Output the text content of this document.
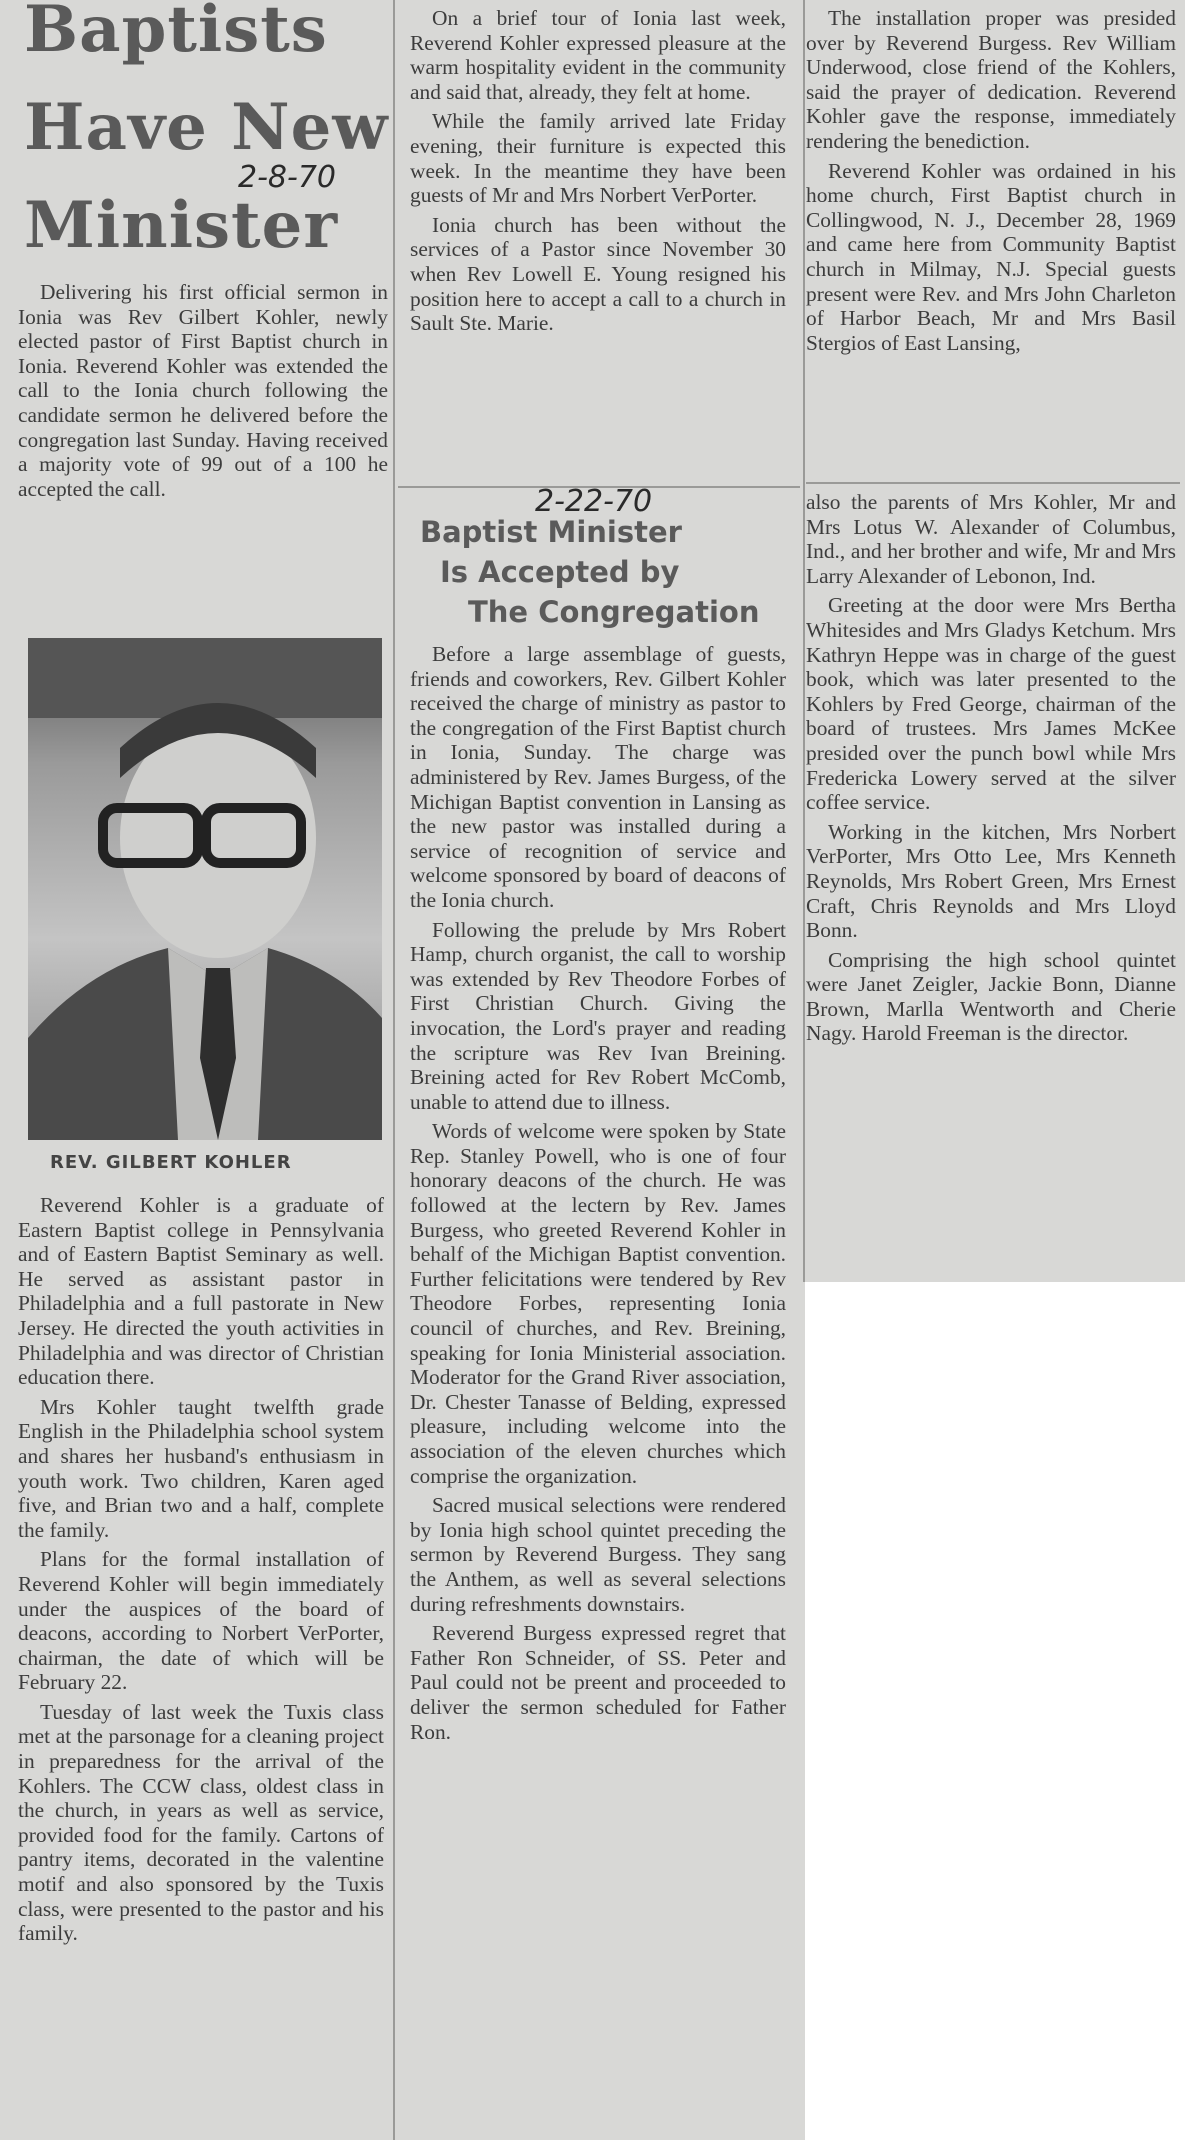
Baptists
Have New
Minister
2-8-70

Delivering his first official sermon in Ionia was Rev Gilbert Kohler, newly elected pastor of First Baptist church in Ionia. Reverend Kohler was extended the call to the Ionia church following the candidate sermon he delivered before the congregation last Sunday. Having received a majority vote of 99 out of a 100 he accepted the call.

REV. GILBERT KOHLER

Reverend Kohler is a graduate of Eastern Baptist college in Pennsylvania and of Eastern Baptist Seminary as well. He served as assistant pastor in Philadelphia and a full pastorate in New Jersey. He directed the youth activities in Philadelphia and was director of Christian education there.

Mrs Kohler taught twelfth grade English in the Philadelphia school system and shares her husband's enthusiasm in youth work. Two children, Karen aged five, and Brian two and a half, complete the family.

Plans for the formal installation of Reverend Kohler will begin immediately under the auspices of the board of deacons, according to Norbert VerPorter, chairman, the date of which will be February 22.

Tuesday of last week the Tuxis class met at the parsonage for a cleaning project in preparedness for the arrival of the Kohlers. The CCW class, oldest class in the church, in years as well as service, provided food for the family. Cartons of pantry items, decorated in the valentine motif and also sponsored by the Tuxis class, were presented to the pastor and his family.

On a brief tour of Ionia last week, Reverend Kohler expressed pleasure at the warm hospitality evident in the community and said that, already, they felt at home.

While the family arrived late Friday evening, their furniture is expected this week. In the meantime they have been guests of Mr and Mrs Norbert VerPorter.

Ionia church has been without the services of a Pastor since November 30 when Rev Lowell E. Young resigned his position here to accept a call to a church in Sault Ste. Marie.

2-22-70
Baptist Minister
Is Accepted by
The Congregation

Before a large assemblage of guests, friends and coworkers, Rev. Gilbert Kohler received the charge of ministry as pastor to the congregation of the First Baptist church in Ionia, Sunday. The charge was administered by Rev. James Burgess, of the Michigan Baptist convention in Lansing as the new pastor was installed during a service of recognition of service and welcome sponsored by board of deacons of the Ionia church.

Following the prelude by Mrs Robert Hamp, church organist, the call to worship was extended by Rev Theodore Forbes of First Christian Church. Giving the invocation, the Lord's prayer and reading the scripture was Rev Ivan Breining. Breining acted for Rev Robert McComb, unable to attend due to illness.

Words of welcome were spoken by State Rep. Stanley Powell, who is one of four honorary deacons of the church. He was followed at the lectern by Rev. James Burgess, who greeted Reverend Kohler in behalf of the Michigan Baptist convention. Further felicitations were tendered by Rev Theodore Forbes, representing Ionia council of churches, and Rev. Breining, speaking for Ionia Ministerial association. Moderator for the Grand River association, Dr. Chester Tanasse of Belding, expressed pleasure, including welcome into the association of the eleven churches which comprise the organization.

Sacred musical selections were rendered by Ionia high school quintet preceding the sermon by Reverend Burgess. They sang the Anthem, as well as several selections during refreshments downstairs.

Reverend Burgess expressed regret that Father Ron Schneider, of SS. Peter and Paul could not be preent and proceeded to deliver the sermon scheduled for Father Ron.

The installation proper was presided over by Reverend Burgess. Rev William Underwood, close friend of the Kohlers, said the prayer of dedication. Reverend Kohler gave the response, immediately rendering the benediction.

Reverend Kohler was ordained in his home church, First Baptist church in Collingwood, N. J., December 28, 1969 and came here from Community Baptist church in Milmay, N.J. Special guests present were Rev. and Mrs John Charleton of Harbor Beach, Mr and Mrs Basil Stergios of East Lansing,

also the parents of Mrs Kohler, Mr and Mrs Lotus W. Alexander of Columbus, Ind., and her brother and wife, Mr and Mrs Larry Alexander of Lebonon, Ind.

Greeting at the door were Mrs Bertha Whitesides and Mrs Gladys Ketchum. Mrs Kathryn Heppe was in charge of the guest book, which was later presented to the Kohlers by Fred George, chairman of the board of trustees. Mrs James McKee presided over the punch bowl while Mrs Fredericka Lowery served at the silver coffee service.

Working in the kitchen, Mrs Norbert VerPorter, Mrs Otto Lee, Mrs Kenneth Reynolds, Mrs Robert Green, Mrs Ernest Craft, Chris Reynolds and Mrs Lloyd Bonn.

Comprising the high school quintet were Janet Zeigler, Jackie Bonn, Dianne Brown, Marlla Wentworth and Cherie Nagy. Harold Freeman is the director.
